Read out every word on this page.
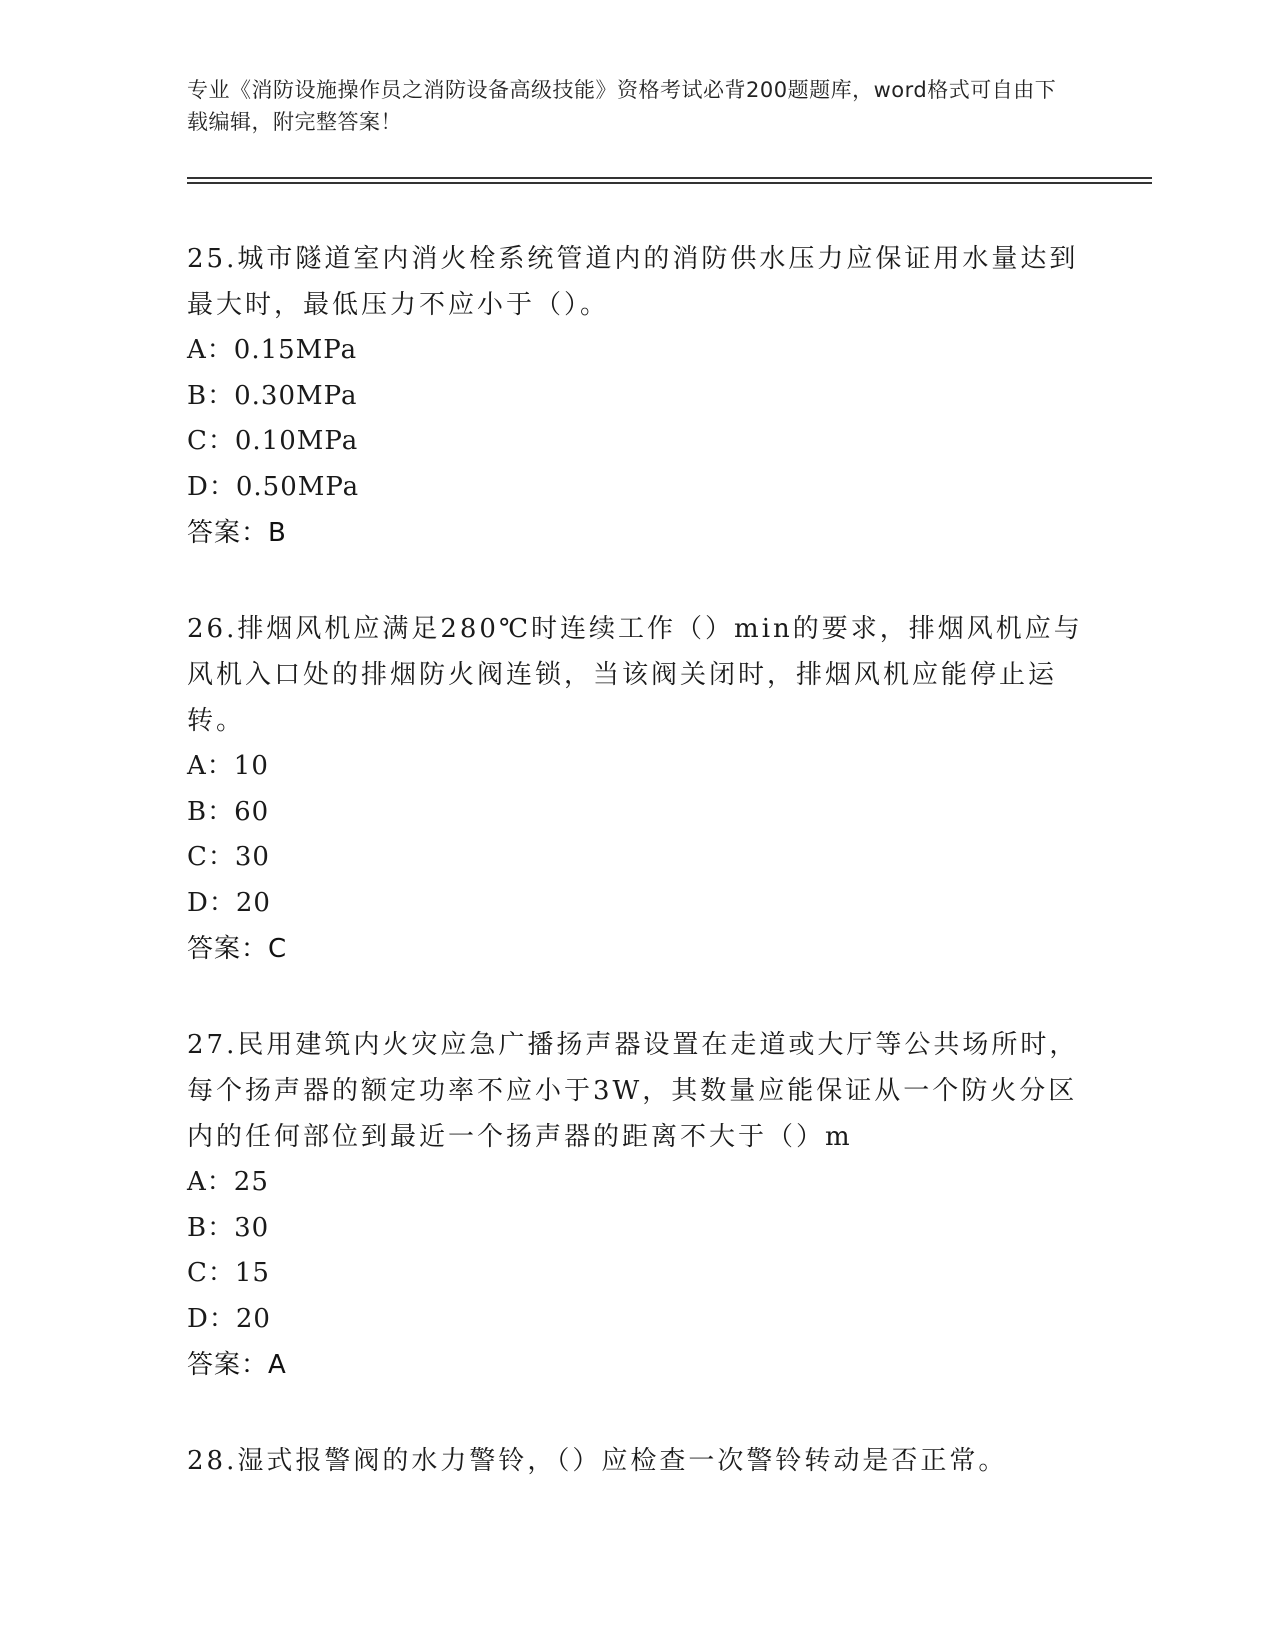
专业《消防设施操作员之消防设备高级技能》资格考试必背200题题库，word格式可自由下载编辑，附完整答案！
25.城市隧道室内消火栓系统管道内的消防供水压力应保证用水量达到最大时，最低压力不应小于（）。
A：0.15MPa
B：0.30MPa
C：0.10MPa
D：0.50MPa
答案：B
26.排烟风机应满足280℃时连续工作（）min的要求，排烟风机应与风机入口处的排烟防火阀连锁，当该阀关闭时，排烟风机应能停止运转。
A：10
B：60
C：30
D：20
答案：C
27.民用建筑内火灾应急广播扬声器设置在走道或大厅等公共场所时，每个扬声器的额定功率不应小于3W，其数量应能保证从一个防火分区内的任何部位到最近一个扬声器的距离不大于（）m
A：25
B：30
C：15
D：20
答案：A
28.湿式报警阀的水力警铃，（）应检查一次警铃转动是否正常。
